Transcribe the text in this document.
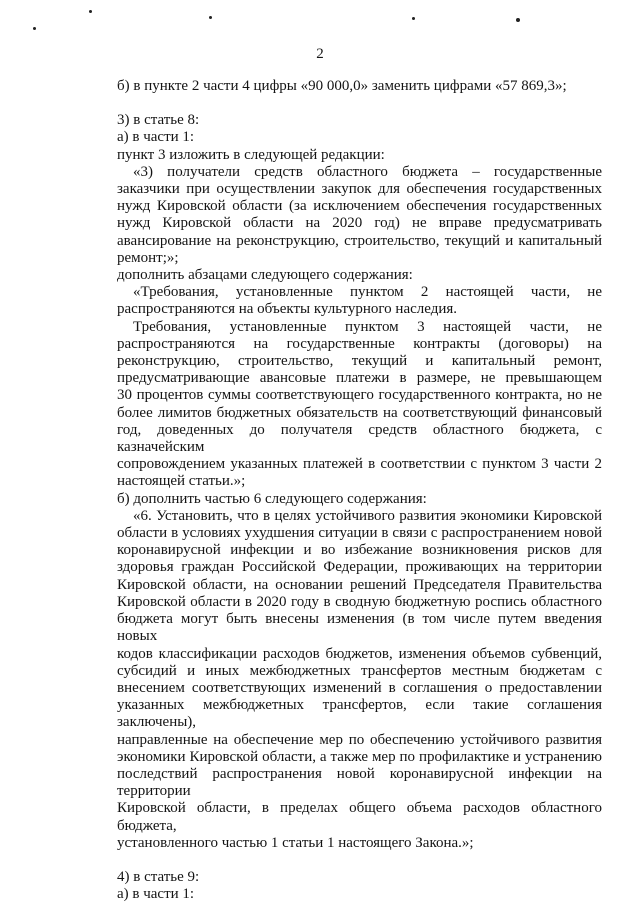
2

б) в пункте 2 части 4 цифры «90 000,0» заменить цифрами «57 869,3»;

3) в статье 8:

а) в части 1:

пункт 3 изложить в следующей редакции:

«3) получатели средств областного бюджета – государственные

заказчики при осуществлении закупок для обеспечения государственных

нужд Кировской области (за исключением обеспечения государственных

нужд Кировской области на 2020 год) не вправе предусматривать

авансирование на реконструкцию, строительство, текущий и капитальный

ремонт;»;

дополнить абзацами следующего содержания:

«Требования, установленные пунктом 2 настоящей части, не

распространяются на объекты культурного наследия.

Требования, установленные пунктом 3 настоящей части, не

распространяются на государственные контракты (договоры) на

реконструкцию, строительство, текущий и капитальный ремонт,

предусматривающие авансовые платежи в размере, не превышающем

30 процентов суммы соответствующего государственного контракта, но не

более лимитов бюджетных обязательств на соответствующий финансовый

год, доведенных до получателя средств областного бюджета, с казначейским

сопровождением указанных платежей в соответствии с пунктом 3 части 2

настоящей статьи.»;

б) дополнить частью 6 следующего содержания:

«6. Установить, что в целях устойчивого развития экономики Кировской

области в условиях ухудшения ситуации в связи с распространением новой

коронавирусной инфекции и во избежание возникновения рисков для

здоровья граждан Российской Федерации, проживающих на территории

Кировской области, на основании решений Председателя Правительства

Кировской области в 2020 году в сводную бюджетную роспись областного

бюджета могут быть внесены изменения (в том числе путем введения новых

кодов классификации расходов бюджетов, изменения объемов субвенций,

субсидий и иных межбюджетных трансфертов местным бюджетам с

внесением соответствующих изменений в соглашения о предоставлении

указанных межбюджетных трансфертов, если такие соглашения заключены),

направленные на обеспечение мер по обеспечению устойчивого развития

экономики Кировской области, а также мер по профилактике и устранению

последствий распространения новой коронавирусной инфекции на территории

Кировской области, в пределах общего объема расходов областного бюджета,

установленного частью 1 статьи 1 настоящего Закона.»;

4) в статье 9:

а) в части 1:
